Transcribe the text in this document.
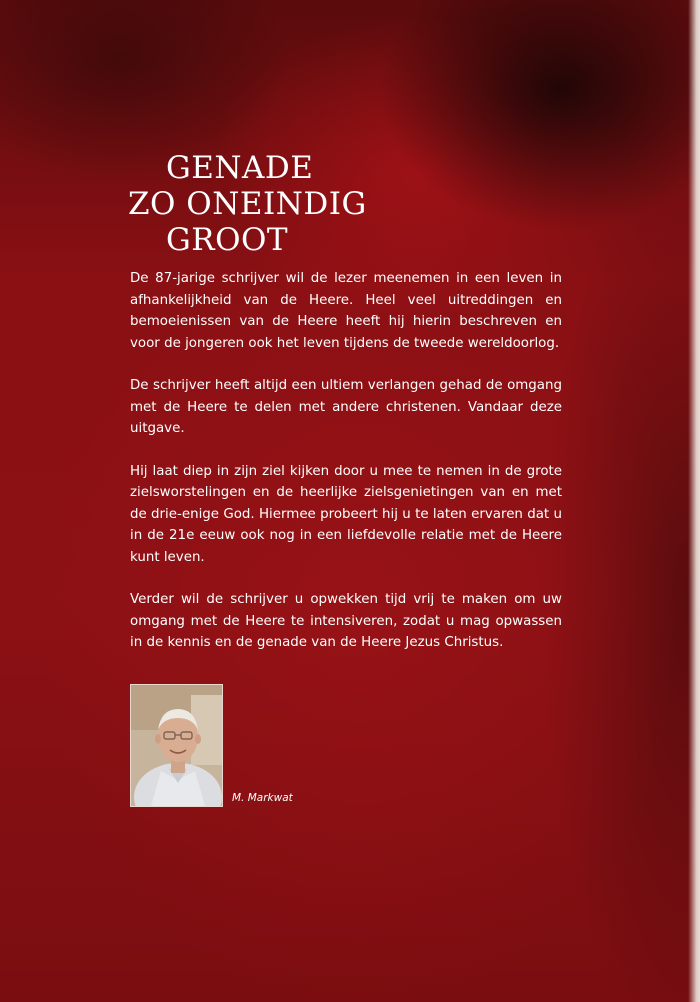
GENADE
ZO ONEINDIG
GROOT

De 87-jarige schrijver wil de lezer meenemen in een leven in afhankelijkheid van de Heere. Heel veel uitreddingen en bemoeienissen van de Heere heeft hij hierin beschreven en voor de jongeren ook het leven tijdens de tweede wereldoorlog.

De schrijver heeft altijd een ultiem verlangen gehad de omgang met de Heere te delen met andere christenen. Vandaar deze uitgave.

Hij laat diep in zijn ziel kijken door u mee te nemen in de grote zielsworstelingen en de heerlijke zielsgenietingen van en met de drie-enige God. Hiermee probeert hij u te laten ervaren dat u in de 21e eeuw ook nog in een liefdevolle relatie met de Heere kunt leven.

Verder wil de schrijver u opwekken tijd vrij te maken om uw omgang met de Heere te intensiveren, zodat u mag opwassen in de kennis en de genade van de Heere Jezus Christus.

M. Markwat
